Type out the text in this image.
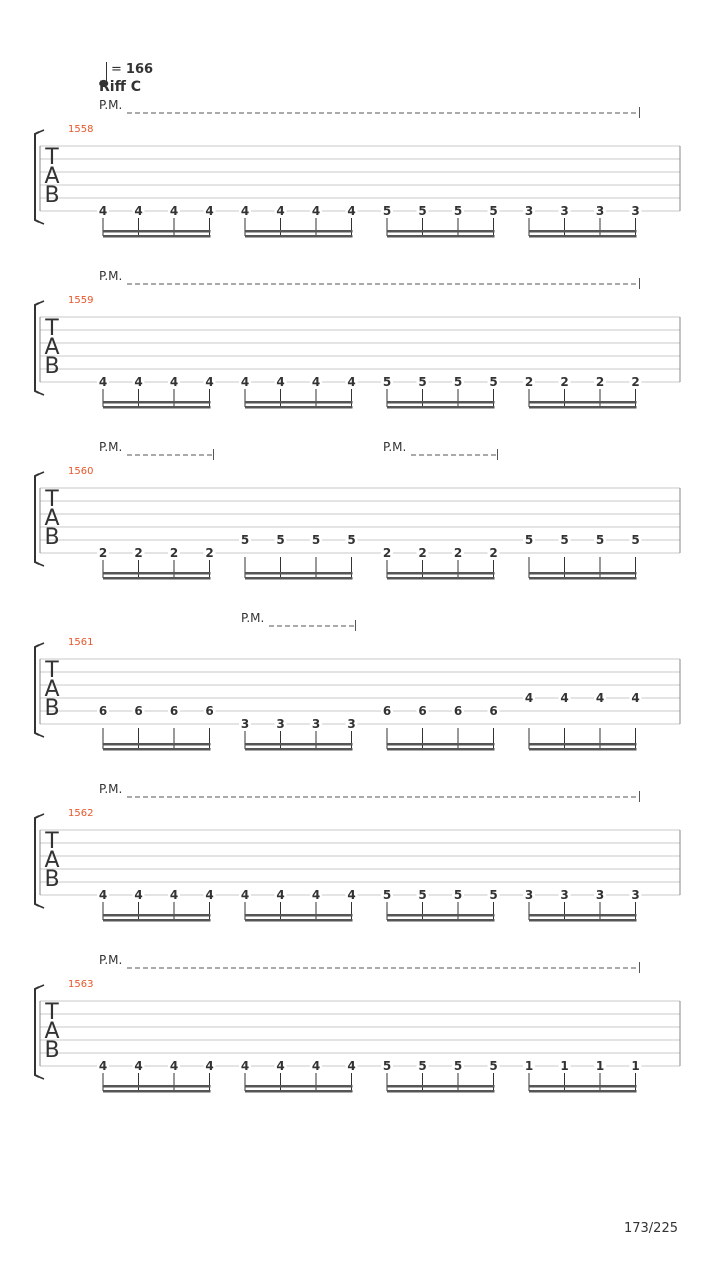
= 166
Riff C
T
A
B
1558
P.M.
4 4 4 4 4 4 4 4 5 5 5 5 3 3 3 3
T
A
B
1559
P.M.
4 4 4 4 4 4 4 4 5 5 5 5 2 2 2 2
T
A
B
1560
P.M.	P.M.
2 2 2 2
5 5 5 5
2 2 2 2
5 5 5 5
T
A
B
1561
P.M.
6 6 6 6
3 3 3 3
6 6 6 6
4 4 4 4
T
A
B
1562
P.M.
4 4 4 4 4 4 4 4 5 5 5 5 3 3 3 3
T
A
B
1563
P.M.
4 4 4 4 4 4 4 4 5 5 5 5 1 1 1 1
173/225
